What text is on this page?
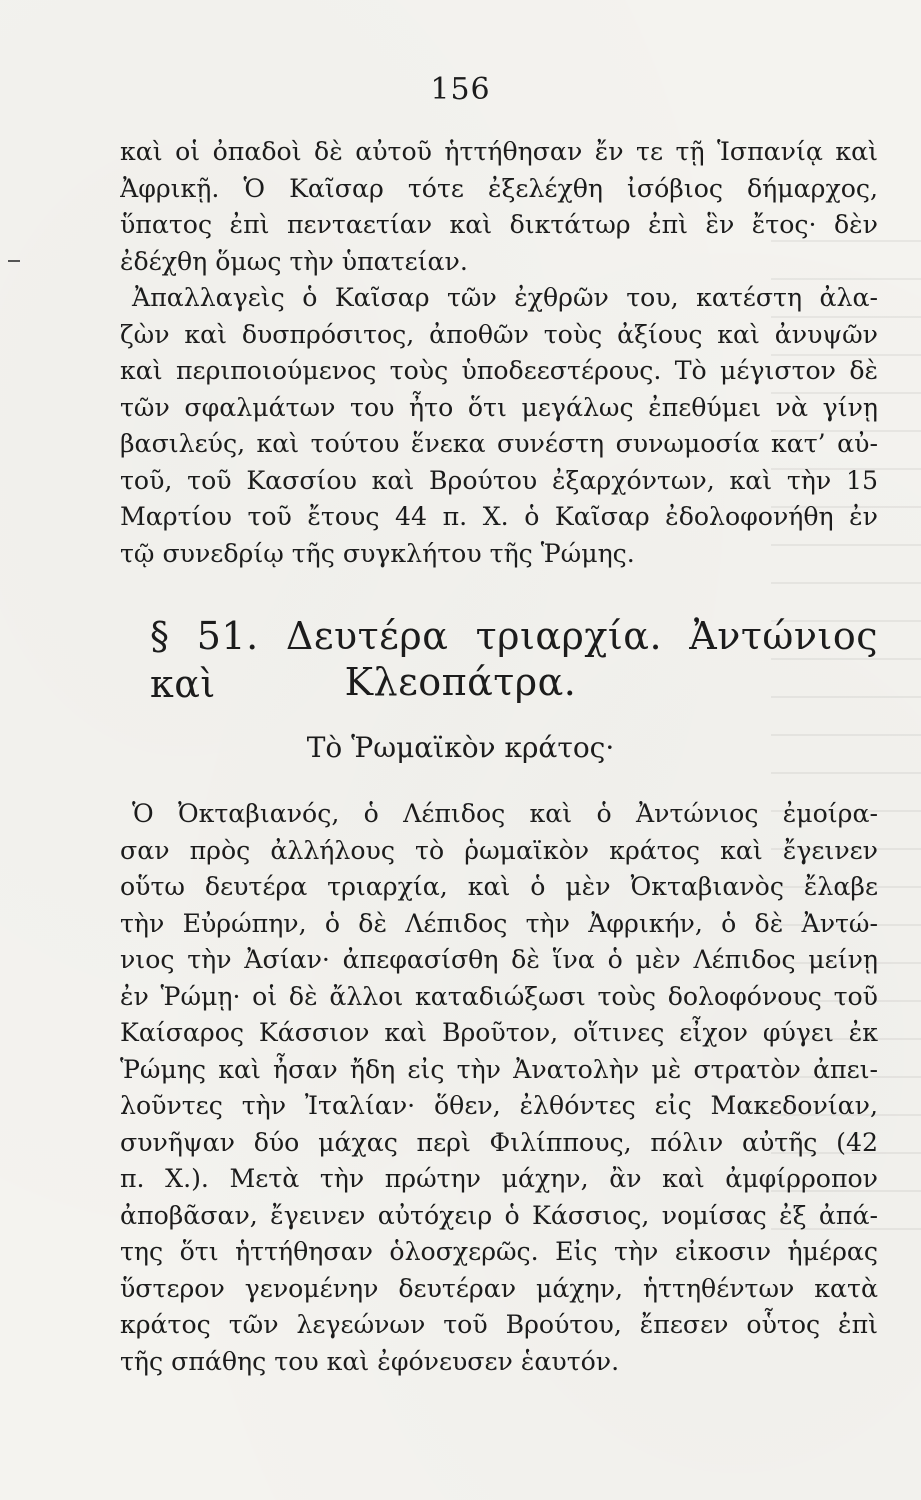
156
καὶ οἱ ὀπαδοὶ δὲ αὐτοῦ ἡττήθησαν ἔν τε τῇ Ἱσπανίᾳ καὶ
Ἀφρικῇ. Ὁ Καῖσαρ τότε ἐξελέχθη ἰσόβιος δήμαρχος,
ὕπατος ἐπὶ πενταετίαν καὶ δικτάτωρ ἐπὶ ἓν ἔτος· δὲν
ἐδέχθη ὅμως τὴν ὑπατείαν.
Ἀπαλλαγεὶς ὁ Καῖσαρ τῶν ἐχθρῶν του, κατέστη ἀλα-
ζὼν καὶ δυσπρόσιτος, ἀποθῶν τοὺς ἀξίους καὶ ἀνυψῶν
καὶ περιποιούμενος τοὺς ὑποδεεστέρους. Τὸ μέγιστον δὲ
τῶν σφαλμάτων του ἦτο ὅτι μεγάλως ἐπεθύμει νὰ γίνῃ
βασιλεύς, καὶ τούτου ἕνεκα συνέστη συνωμοσία κατ’ αὐ-
τοῦ, τοῦ Κασσίου καὶ Βρούτου ἐξαρχόντων, καὶ τὴν 15
Μαρτίου τοῦ ἔτους 44 π. Χ. ὁ Καῖσαρ ἐδολοφονήθη ἐν
τῷ συνεδρίῳ τῆς συγκλήτου τῆς Ῥώμης.
§ 51. Δευτέρα τριαρχία. Ἀντώνιος καὶ	Κλεοπάτρα.
Τὸ Ῥωμαϊκὸν κράτος·
Ὁ Ὀκταβιανός, ὁ Λέπιδος καὶ ὁ Ἀντώνιος ἐμοίρα-
σαν πρὸς ἀλλήλους τὸ ῥωμαϊκὸν κράτος καὶ ἔγεινεν
οὕτω δευτέρα τριαρχία, καὶ ὁ μὲν Ὀκταβιανὸς ἔλαβε
τὴν Εὐρώπην, ὁ δὲ Λέπιδος τὴν Ἀφρικήν, ὁ δὲ Ἀντώ-
νιος τὴν Ἀσίαν· ἀπεφασίσθη δὲ ἵνα ὁ μὲν Λέπιδος μείνῃ
ἐν Ῥώμῃ· οἱ δὲ ἄλλοι καταδιώξωσι τοὺς δολοφόνους τοῦ
Καίσαρος Κάσσιον καὶ Βροῦτον, οἵτινες εἶχον φύγει ἐκ
Ῥώμης καὶ ἦσαν ἤδη εἰς τὴν Ἀνατολὴν μὲ στρατὸν ἀπει-
λοῦντες τὴν Ἰταλίαν· ὅθεν, ἐλθόντες εἰς Μακεδονίαν,
συνῆψαν δύο μάχας περὶ Φιλίππους, πόλιν αὐτῆς (42
π. Χ.). Μετὰ τὴν πρώτην μάχην, ἂν καὶ ἀμφίρροπον
ἀποβᾶσαν, ἔγεινεν αὐτόχειρ ὁ Κάσσιος, νομίσας ἐξ ἀπά-
της ὅτι ἡττήθησαν ὁλοσχερῶς. Εἰς τὴν εἰκοσιν ἡμέρας
ὕστερον γενομένην δευτέραν μάχην, ἡττηθέντων κατὰ
κράτος τῶν λεγεώνων τοῦ Βρούτου, ἔπεσεν οὗτος ἐπὶ
τῆς σπάθης του καὶ ἐφόνευσεν ἑαυτόν.
